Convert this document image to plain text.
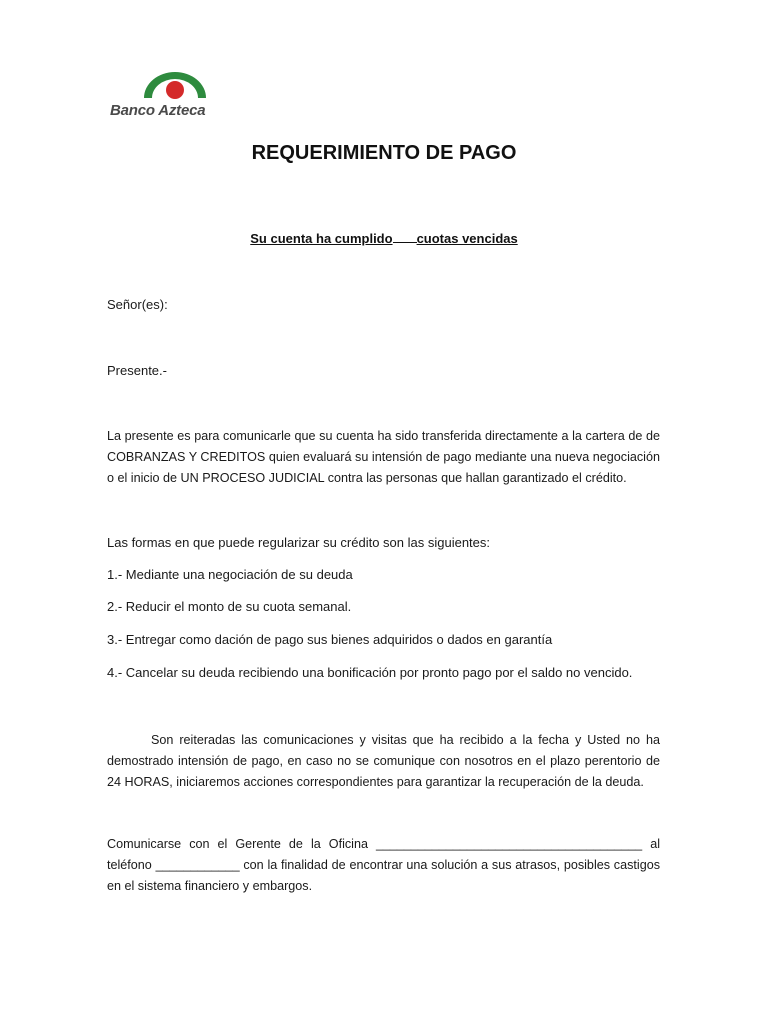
Banco Azteca
REQUERIMIENTO DE PAGO
Su cuenta ha cumplido cuotas vencidas
Señor(es):
Presente.-

La presente es para comunicarle que su cuenta ha sido transferida directamente a la cartera de de COBRANZAS Y CREDITOS quien evaluará su intensión de pago mediante una nueva negociación o el inicio de UN PROCESO JUDICIAL contra las personas que hallan garantizado el crédito.

Las formas en que puede regularizar su crédito son las siguientes:
1.- Mediante una negociación de su deuda
2.- Reducir el monto de su cuota semanal.
3.- Entregar como dación de pago sus bienes adquiridos o dados en garantía
4.- Cancelar su deuda recibiendo una bonificación por pronto pago por el saldo no vencido.

Son reiteradas las comunicaciones y visitas que ha recibido a la fecha y Usted no ha demostrado intensión de pago, en caso no se comunique con nosotros en el plazo perentorio de 24 HORAS, iniciaremos acciones correspondientes para garantizar la recuperación de la deuda.

Comunicarse con el Gerente de la Oficina ______________________________________ al teléfono ____________ con la finalidad de encontrar una solución a sus atrasos, posibles castigos en el sistema financiero y embargos.
